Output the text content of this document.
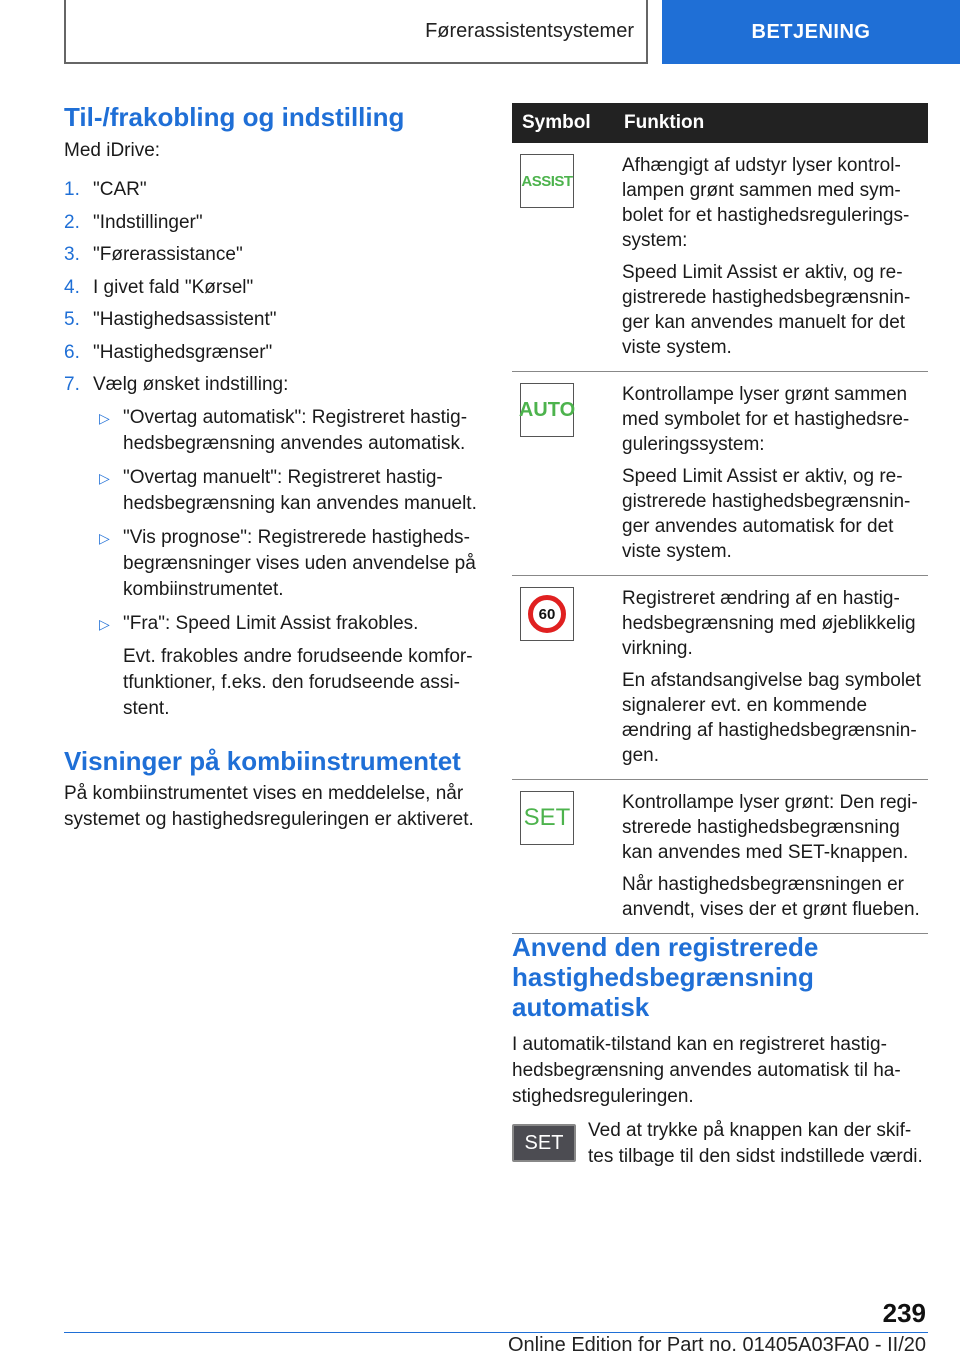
Førerassistentsystemer	BETJENING
Til-/frakobling og indstilling

Med iDrive:

1. "CAR"
2. "Indstillinger"
3. "Førerassistance"
4. I givet fald "Kørsel"
5. "Hastighedsassistent"
6. "Hastighedsgrænser"
7. Vælg ønsket indstilling:
▷ "Overtag automatisk": Registreret hastighedsbegrænsning anvendes automatisk.

▷ "Overtag manuelt": Registreret hastighedsbegrænsning kan anvendes manuelt.

▷ "Vis prognose": Registrerede hastighedsbegrænsninger vises uden anvendelse på kombiinstrumentet.

▷ "Fra": Speed Limit Assist frakobles.

Evt. frakobles andre forudseende komfortfunktioner, f.eks. den forudseende assistent.

Visninger på kombiinstrumentet

På kombiinstrumentet vises en meddelelse, når systemet og hastighedsreguleringen er aktiveret.

Symbol	Funktion
ASSIST

Afhængigt af udstyr lyser kontrollampen grønt sammen med symbolet for et hastighedsreguleringssystem:

Speed Limit Assist er aktiv, og registrerede hastighedsbegrænsninger kan anvendes manuelt for det viste system.

AUTO

Kontrollampe lyser grønt sammen med symbolet for et hastighedsreguleringssystem:

Speed Limit Assist er aktiv, og registrerede hastighedsbegrænsninger anvendes automatisk for det viste system.

60

Registreret ændring af en hastighedsbegrænsning med øjeblikkelig virkning.

En afstandsangivelse bag symbolet signalerer evt. en kommende ændring af hastighedsbegrænsningen.

SET

Kontrollampe lyser grønt: Den registrerede hastighedsbegrænsning kan anvendes med SET-knappen.

Når hastighedsbegrænsningen er anvendt, vises der et grønt flueben.

Anvend den registrerede hastighedsbegrænsning automatisk

I automatik-tilstand kan en registreret hastighedsbegrænsning anvendes automatisk til hastighedsreguleringen.

SET

Ved at trykke på knappen kan der skiftes tilbage til den sidst indstillede værdi.

239
Online Edition for Part no. 01405A03FA0 - II/20
